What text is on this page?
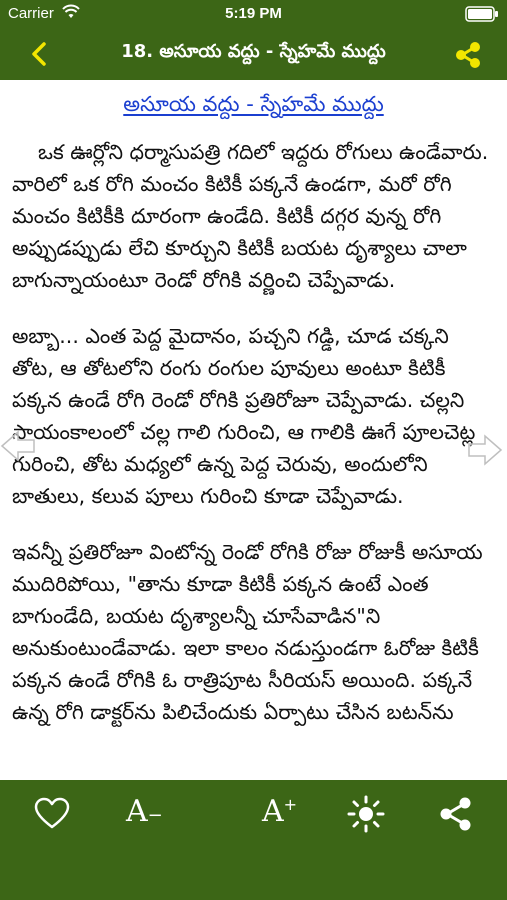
Carrier	5:19 PM
18. అసూయ వద్దు - స్నేహమే ముద్దు
అసూయ వద్దు - స్నేహమే ముద్దు

ఒక ఊర్లోని ధర్మాసుపత్రి గదిలో ఇద్దరు రోగులు ఉండేవారు. వారిలో ఒక రోగి మంచం కిటికీ పక్కనే ఉండగా, మరో రోగి మంచం కిటికీకి దూరంగా ఉండేది. కిటికీ దగ్గర వున్న రోగి అప్పుడప్పుడు లేచి కూర్చుని కిటికీ బయట దృశ్యాలు చాలా బాగున్నాయంటూ రెండో రోగికి వర్ణించి చెప్పేవాడు.

అబ్బా... ఎంత పెద్ద మైదానం, పచ్చని గడ్డి, చూడ చక్కని తోట, ఆ తోటలోని రంగు రంగుల పూవులు అంటూ కిటికీ పక్కన ఉండే రోగి రెండో రోగికి ప్రతిరోజూ చెప్పేవాడు. చల్లని సాయంకాలంలో చల్ల గాలి గురించి, ఆ గాలికి ఊగే పూలచెట్ల గురించి, తోట మధ్యలో ఉన్న పెద్ద చెరువు, అందులోని బాతులు, కలువ పూలు గురించి కూడా చెప్పేవాడు.

ఇవన్నీ ప్రతిరోజూ వింటోన్న రెండో రోగికి రోజు రోజుకీ అసూయ ముదిరిపోయి, "తాను కూడా కిటికీ పక్కన ఉంటే ఎంత బాగుండేది, బయట దృశ్యాలన్నీ చూసేవాడిన"ని అనుకుంటుండేవాడు. ఇలా కాలం నడుస్తుండగా ఓరోజు కిటికీ పక్కన ఉండే రోగికి ఓ రాత్రిపూట సీరియస్ అయింది. పక్కనే ఉన్న రోగి డాక్టర్‌ను పిలిచేందుకు ఏర్పాటు చేసిన బటన్‌ను

A−	A+
